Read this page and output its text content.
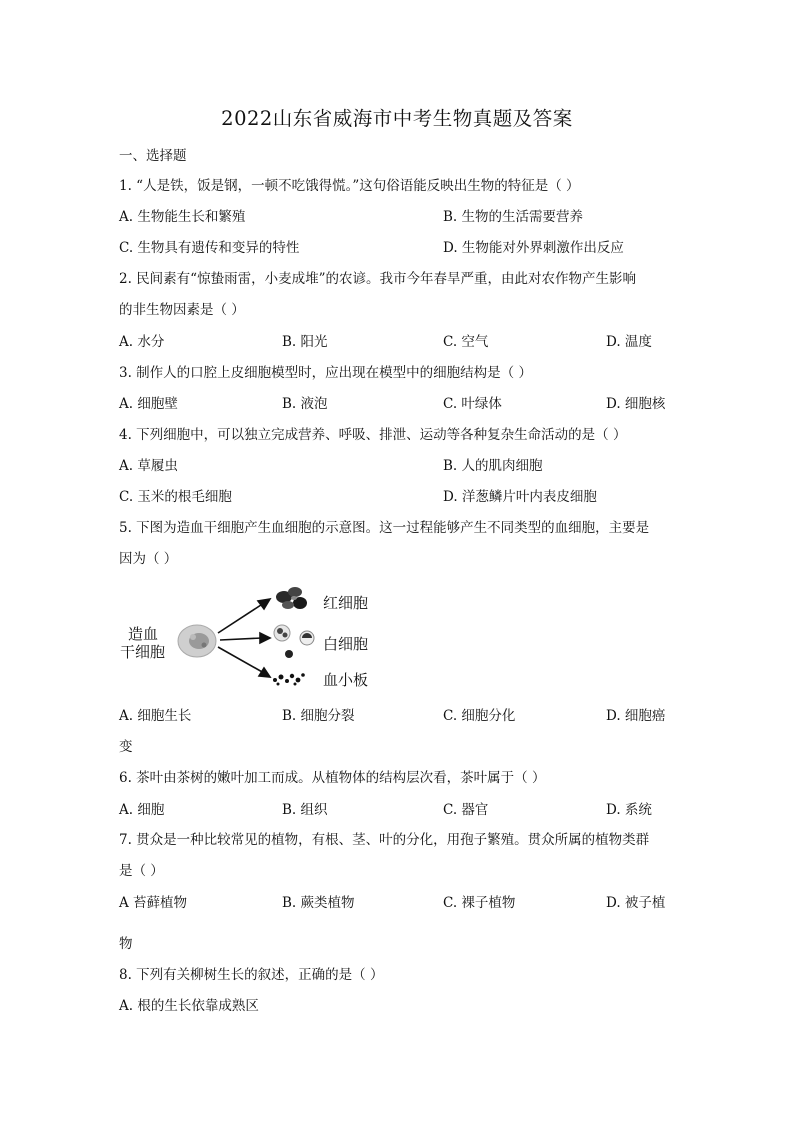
2022山东省威海市中考生物真题及答案
一、选择题
1. “人是铁，饭是钢，一顿不吃饿得慌。”这句俗语能反映出生物的特征是（ ）
A. 生物能生长和繁殖	B. 生物的生活需要营养
C. 生物具有遗传和变异的特性	D. 生物能对外界刺激作出反应
2. 民间素有“惊蛰雨雷，小麦成堆”的农谚。我市今年春旱严重，由此对农作物产生影响
的非生物因素是（ ）
A. 水分	B. 阳光	C. 空气	D. 温度
3. 制作人的口腔上皮细胞模型时，应出现在模型中的细胞结构是（ ）
A. 细胞壁	B. 液泡	C. 叶绿体	D. 细胞核
4. 下列细胞中，可以独立完成营养、呼吸、排泄、运动等各种复杂生命活动的是（ ）
A. 草履虫	B. 人的肌肉细胞
C. 玉米的根毛细胞	D. 洋葱鳞片叶内表皮细胞
5. 下图为造血干细胞产生血细胞的示意图。这一过程能够产生不同类型的血细胞，主要是
因为（ ）
造血
干细胞
红细胞
白细胞
血小板
A. 细胞生长	B. 细胞分裂	C. 细胞分化	D. 细胞癌
变
6. 茶叶由茶树的嫩叶加工而成。从植物体的结构层次看，茶叶属于（ ）
A. 细胞	B. 组织	C. 器官	D. 系统
7. 贯众是一种比较常见的植物，有根、茎、叶的分化，用孢子繁殖。贯众所属的植物类群
是（ ）
A 苔藓植物	B. 蕨类植物	C. 裸子植物	D. 被子植
物
8. 下列有关柳树生长的叙述，正确的是（ ）
A. 根的生长依靠成熟区
